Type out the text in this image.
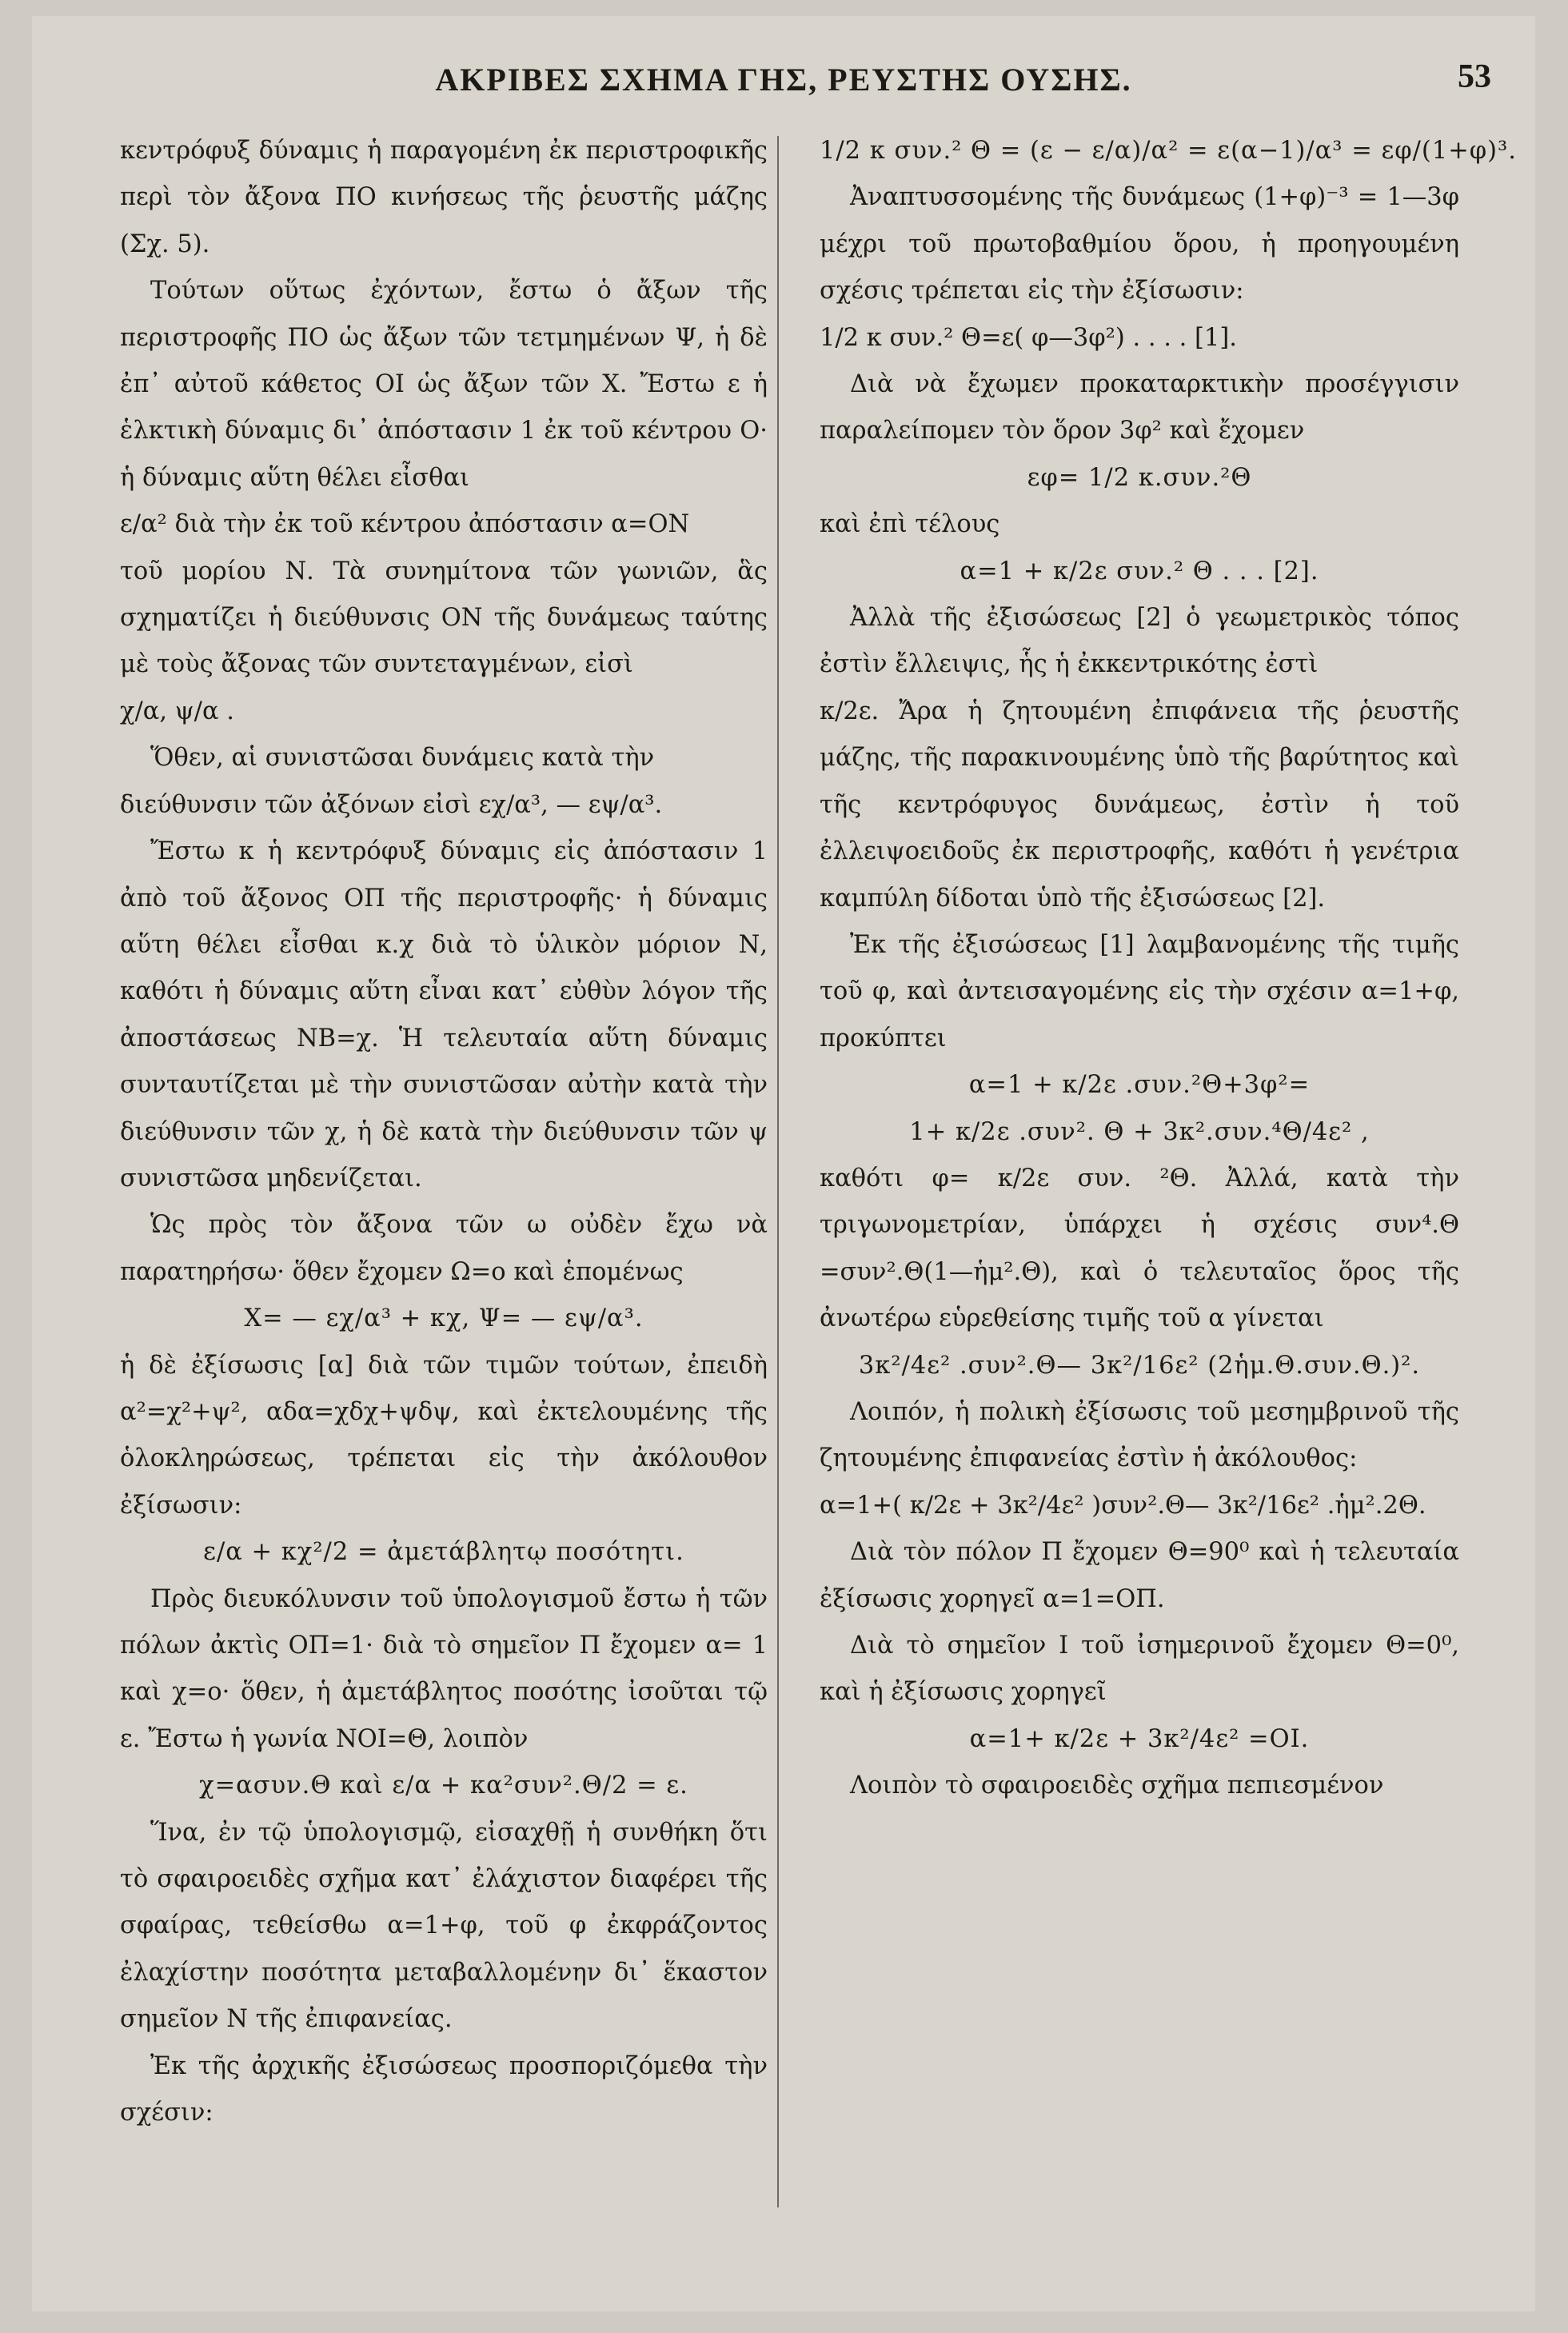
ΑΚΡΙΒΕΣ ΣΧΗΜΑ ΓΗΣ, ΡΕΥΣΤΗΣ ΟΥΣΗΣ.	53

κεντρόφυξ δύναμις ἡ παραγομένη ἐκ περιστροφικῆς περὶ τὸν ἄξονα ΠΟ κινήσεως τῆς ῥευστῆς μάζης (Σχ. 5).

Τούτων οὕτως ἐχόντων, ἔστω ὁ ἄξων τῆς περιστροφῆς ΠΟ ὡς ἄξων τῶν τετμημένων Ψ, ἡ δὲ ἐπ᾽ αὐτοῦ κάθετος ΟΙ ὡς ἄξων τῶν Χ. Ἔστω ε ἡ ἑλκτικὴ δύναμις δι᾽ ἀπόστασιν 1 ἐκ τοῦ κέντρου Ο· ἡ δύναμις αὕτη θέλει εἶσθαι

ε/α² διὰ τὴν ἐκ τοῦ κέντρου ἀπόστασιν α=ΟΝ

τοῦ μορίου Ν. Τὰ συνημίτονα τῶν γωνιῶν, ἃς σχηματίζει ἡ διεύθυνσις ΟΝ τῆς δυνάμεως ταύτης μὲ τοὺς ἄξονας τῶν συντεταγμένων, εἰσὶ

χ/α, ψ/α .

Ὅθεν, αἱ συνιστῶσαι δυνάμεις κατὰ τὴν

διεύθυνσιν τῶν ἀξόνων εἰσὶ εχ/α³, — εψ/α³.

Ἔστω κ ἡ κεντρόφυξ δύναμις εἰς ἀπόστασιν 1 ἀπὸ τοῦ ἄξονος ΟΠ τῆς περιστροφῆς· ἡ δύναμις αὕτη θέλει εἶσθαι κ.χ διὰ τὸ ὑλικὸν μόριον Ν, καθότι ἡ δύναμις αὕτη εἶναι κατ᾽ εὐθὺν λόγον τῆς ἀποστάσεως ΝΒ=χ. Ἡ τελευταία αὕτη δύναμις συνταυτίζεται μὲ τὴν συνιστῶσαν αὐτὴν κατὰ τὴν διεύθυνσιν τῶν χ, ἡ δὲ κατὰ τὴν διεύθυνσιν τῶν ψ συνιστῶσα μηδενίζεται.

Ὡς πρὸς τὸν ἄξονα τῶν ω οὐδὲν ἔχω νὰ παρατηρήσω· ὅθεν ἔχομεν Ω=ο καὶ ἑπομένως

Χ= — εχ/α³ + κχ, Ψ= — εψ/α³.

ἡ δὲ ἐξίσωσις [α] διὰ τῶν τιμῶν τούτων, ἐπειδὴ α²=χ²+ψ², αδα=χδχ+ψδψ, καὶ ἐκτελουμένης τῆς ὁλοκληρώσεως, τρέπεται εἰς τὴν ἀκόλουθον ἐξίσωσιν:

ε/α + κχ²/2 = ἀμετάβλητῳ ποσότητι.

Πρὸς διευκόλυνσιν τοῦ ὑπολογισμοῦ ἔστω ἡ τῶν πόλων ἀκτὶς ΟΠ=1· διὰ τὸ σημεῖον Π ἔχομεν α= 1 καὶ χ=ο· ὅθεν, ἡ ἀμετάβλητος ποσότης ἰσοῦται τῷ ε. Ἔστω ἡ γωνία ΝΟΙ=Θ, λοιπὸν

χ=ασυν.Θ καὶ ε/α + κα²συν².Θ/2 = ε.

Ἵνα, ἐν τῷ ὑπολογισμῷ, εἰσαχθῇ ἡ συνθήκη ὅτι τὸ σφαιροειδὲς σχῆμα κατ᾽ ἐλάχιστον διαφέρει τῆς σφαίρας, τεθείσθω α=1+φ, τοῦ φ ἐκφράζοντος ἐλαχίστην ποσότητα μεταβαλλομένην δι᾽ ἕκαστον σημεῖον Ν τῆς ἐπιφανείας.

Ἐκ τῆς ἀρχικῆς ἐξισώσεως προσποριζόμεθα τὴν σχέσιν:

1/2 κ συν.² Θ = (ε − ε/α)/α² = ε(α−1)/α³ = εφ/(1+φ)³.

Ἀναπτυσσομένης τῆς δυνάμεως (1+φ)⁻³ = 1—3φ μέχρι τοῦ πρωτοβαθμίου ὅρου, ἡ προηγουμένη σχέσις τρέπεται εἰς τὴν ἐξίσωσιν:

1/2 κ συν.² Θ=ε( φ—3φ²) . . . . [1].

Διὰ νὰ ἔχωμεν προκαταρκτικὴν προσέγγισιν παραλείπομεν τὸν ὅρον 3φ² καὶ ἔχομεν

εφ= 1/2 κ.συν.²Θ

καὶ ἐπὶ τέλους

α=1 + κ/2ε συν.² Θ . . . [2].

Ἀλλὰ τῆς ἐξισώσεως [2] ὁ γεωμετρικὸς τόπος ἐστὶν ἔλλειψις, ἧς ἡ ἐκκεντρικότης ἐστὶ

κ/2ε. Ἄρα ἡ ζητουμένη ἐπιφάνεια τῆς ῥευστῆς μάζης, τῆς παρακινουμένης ὑπὸ τῆς βαρύτητος καὶ τῆς κεντρόφυγος δυνάμεως, ἐστὶν ἡ τοῦ ἐλλειψοειδοῦς ἐκ περιστροφῆς, καθότι ἡ γενέτρια καμπύλη δίδοται ὑπὸ τῆς ἐξισώσεως [2].

Ἐκ τῆς ἐξισώσεως [1] λαμβανομένης τῆς τιμῆς τοῦ φ, καὶ ἀντεισαγομένης εἰς τὴν σχέσιν α=1+φ, προκύπτει

α=1 + κ/2ε .συν.²Θ+3φ²=

1+ κ/2ε .συν². Θ + 3κ².συν.⁴Θ/4ε² ,

καθότι φ= κ/2ε συν. ²Θ. Ἀλλά, κατὰ τὴν τριγωνομετρίαν, ὑπάρχει ἡ σχέσις συν⁴.Θ =συν².Θ(1—ἡμ².Θ), καὶ ὁ τελευταῖος ὅρος τῆς ἀνωτέρω εὑρεθείσης τιμῆς τοῦ α γίνεται

3κ²/4ε² .συν².Θ— 3κ²/16ε² (2ἡμ.Θ.συν.Θ.)².

Λοιπόν, ἡ πολικὴ ἐξίσωσις τοῦ μεσημβρινοῦ τῆς ζητουμένης ἐπιφανείας ἐστὶν ἡ ἀκόλουθος:

α=1+( κ/2ε + 3κ²/4ε² )συν².Θ— 3κ²/16ε² .ἡμ².2Θ.

Διὰ τὸν πόλον Π ἔχομεν Θ=90⁰ καὶ ἡ τελευταία ἐξίσωσις χορηγεῖ α=1=ΟΠ.

Διὰ τὸ σημεῖον Ι τοῦ ἰσημερινοῦ ἔχομεν Θ=0⁰, καὶ ἡ ἐξίσωσις χορηγεῖ

α=1+ κ/2ε + 3κ²/4ε² =ΟΙ.

Λοιπὸν τὸ σφαιροειδὲς σχῆμα πεπιεσμένον
